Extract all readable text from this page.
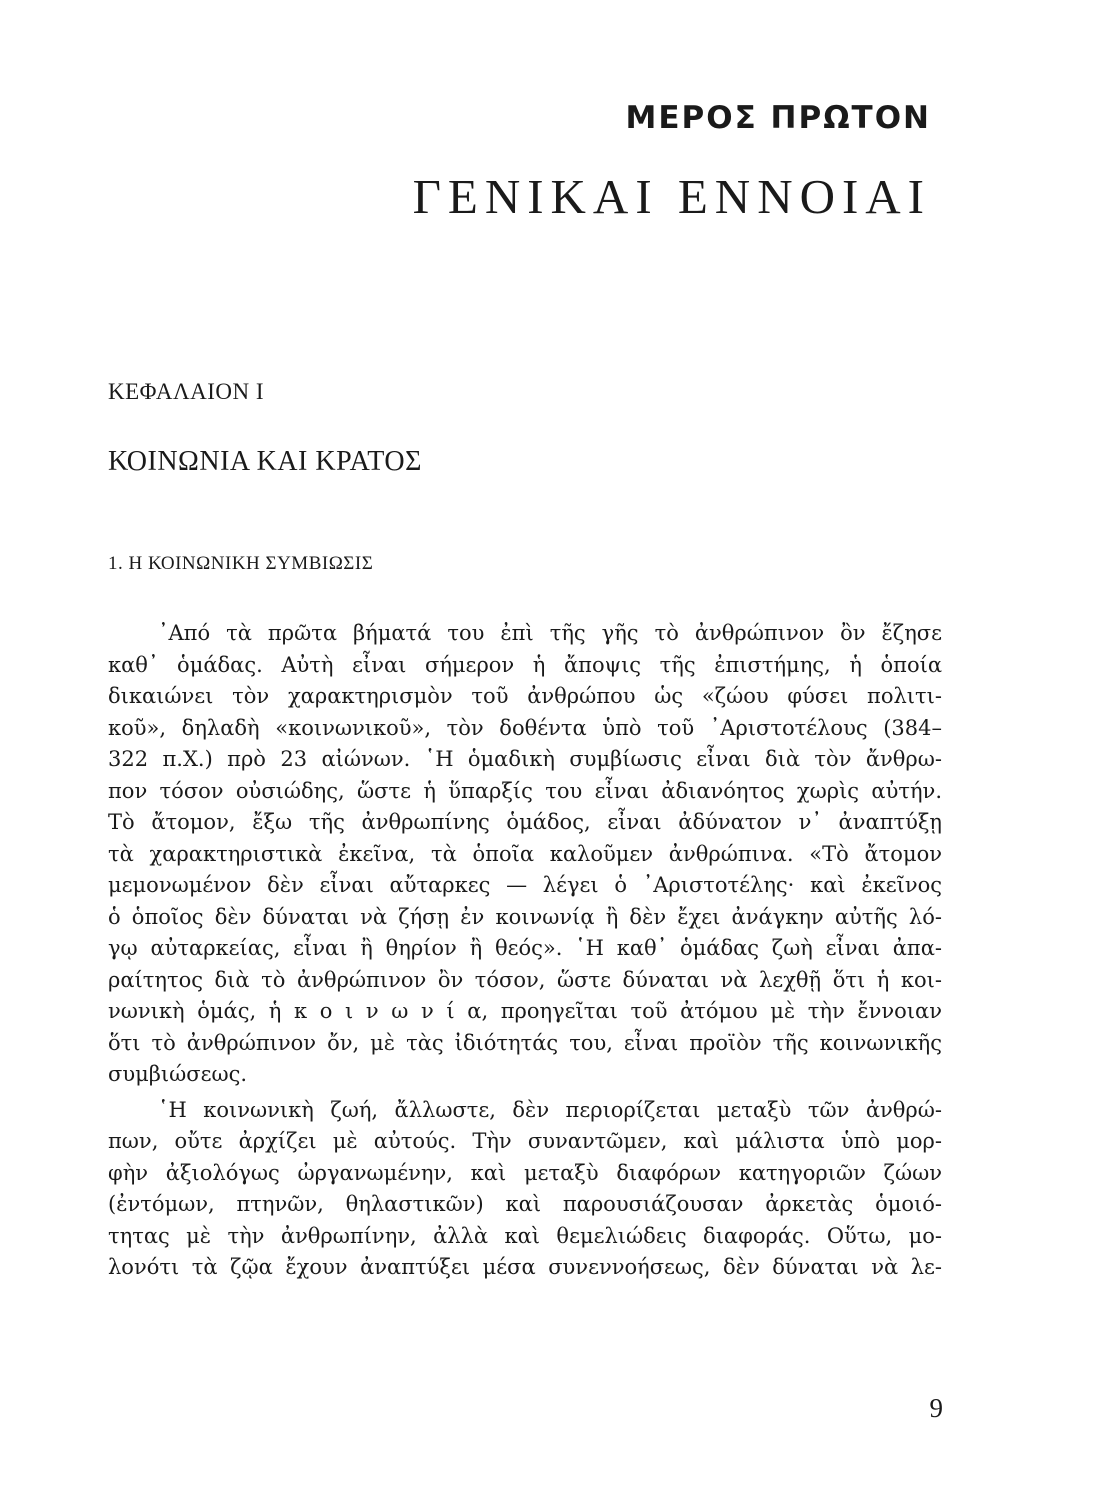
ΜΕΡΟΣ ΠΡΩΤΟΝ
ΓΕΝΙΚΑΙ ΕΝΝΟΙΑΙ
ΚΕΦΑΛΑΙΟΝ Ι
ΚΟΙΝΩΝΙΑ ΚΑΙ ΚΡΑΤΟΣ
1. Η ΚΟΙΝΩΝΙΚΗ ΣΥΜΒΙΩΣΙΣ
᾿Από τὰ πρῶτα βήματά του ἐπὶ τῆς γῆς τὸ ἀνθρώπινον ὂν ἔζησε
καθ᾿ ὁμάδας. Αὐτὴ εἶναι σήμερον ἡ ἄποψις τῆς ἐπιστήμης, ἡ ὁποία
δικαιώνει τὸν χαρακτηρισμὸν τοῦ ἀνθρώπου ὡς «ζώου φύσει πολιτι-
κοῦ», δηλαδὴ «κοινωνικοῦ», τὸν δοθέντα ὑπὸ τοῦ ᾿Αριστοτέλους (384–
322 π.Χ.) πρὸ 23 αἰώνων. ῾Η ὁμαδικὴ συμβίωσις εἶναι διὰ τὸν ἄνθρω-
πον τόσον οὐσιώδης, ὥστε ἡ ὕπαρξίς του εἶναι ἀδιανόητος χωρὶς αὐτήν.
Τὸ ἄτομον, ἔξω τῆς ἀνθρωπίνης ὁμάδος, εἶναι ἀδύνατον ν᾿ ἀναπτύξῃ
τὰ χαρακτηριστικὰ ἐκεῖνα, τὰ ὁποῖα καλοῦμεν ἀνθρώπινα. «Τὸ ἄτομον
μεμονωμένον δὲν εἶναι αὔταρκες — λέγει ὁ ᾿Αριστοτέλης· καὶ ἐκεῖνος
ὁ ὁποῖος δὲν δύναται νὰ ζήσῃ ἐν κοινωνίᾳ ἢ δὲν ἔχει ἀνάγκην αὐτῆς λό-
γῳ αὐταρκείας, εἶναι ἢ θηρίον ἢ θεός». ῾Η καθ᾿ ὁμάδας ζωὴ εἶναι ἀπα-
ραίτητος διὰ τὸ ἀνθρώπινον ὂν τόσον, ὥστε δύναται νὰ λεχθῇ ὅτι ἡ κοι-
νωνικὴ ὁμάς, ἡ κ ο ι ν ω ν ί α, προηγεῖται τοῦ ἀτόμου μὲ τὴν ἔννοιαν
ὅτι τὸ ἀνθρώπινον ὄν, μὲ τὰς ἰδιότητάς του, εἶναι προϊὸν τῆς κοινωνικῆς
συμβιώσεως.
῾Η κοινωνικὴ ζωή, ἄλλωστε, δὲν περιορίζεται μεταξὺ τῶν ἀνθρώ-
πων, οὔτε ἀρχίζει μὲ αὐτούς. Τὴν συναντῶμεν, καὶ μάλιστα ὑπὸ μορ-
φὴν ἀξιολόγως ὠργανωμένην, καὶ μεταξὺ διαφόρων κατηγοριῶν ζώων
(ἐντόμων, πτηνῶν, θηλαστικῶν) καὶ παρουσιάζουσαν ἀρκετὰς ὁμοιό-
τητας μὲ τὴν ἀνθρωπίνην, ἀλλὰ καὶ θεμελιώδεις διαφοράς. Οὕτω, μο-
λονότι τὰ ζῷα ἔχουν ἀναπτύξει μέσα συνεννοήσεως, δὲν δύναται νὰ λε-
9
